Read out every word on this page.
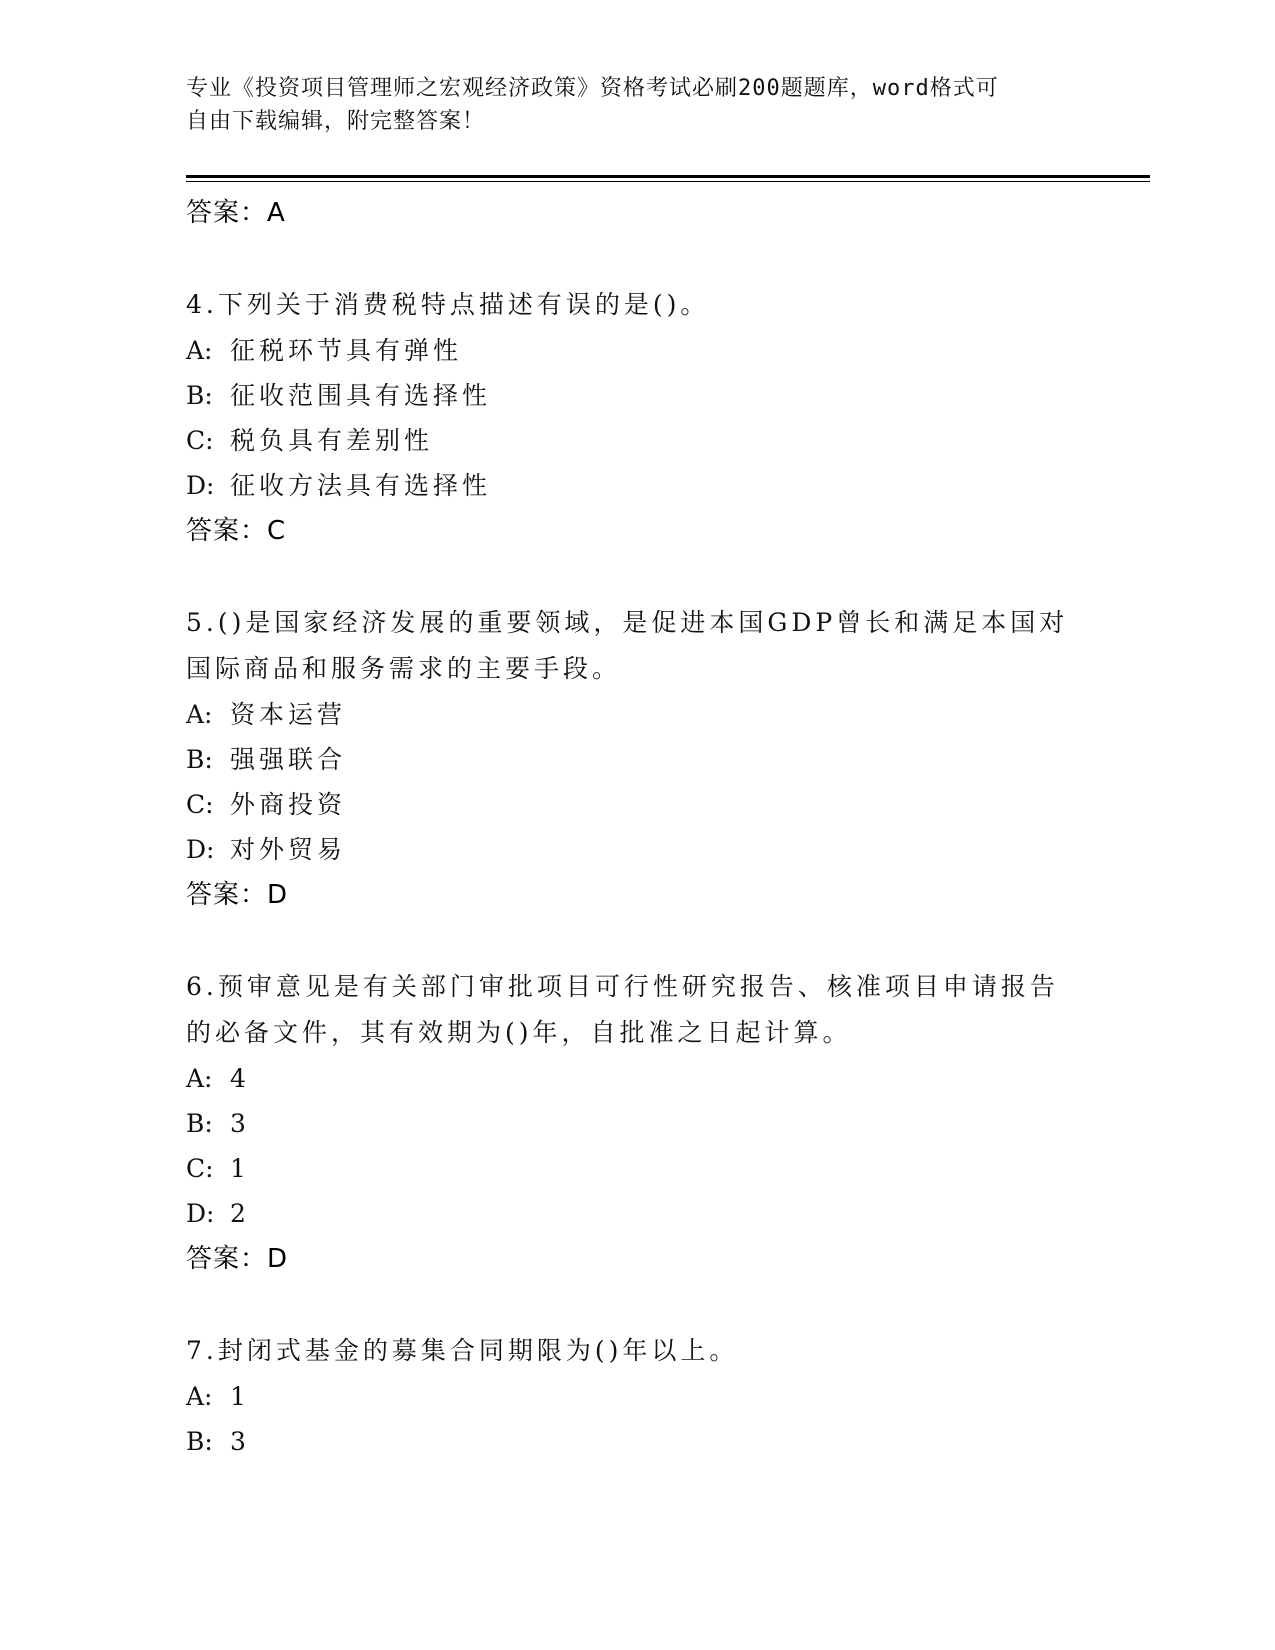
专业《投资项目管理师之宏观经济政策》资格考试必刷200题题库，word格式可
自由下载编辑，附完整答案！
答案：A
4.下列关于消费税特点描述有误的是()。
A: 征税环节具有弹性
B: 征收范围具有选择性
C: 税负具有差别性
D: 征收方法具有选择性
答案：C
5.()是国家经济发展的重要领域，是促进本国GDP曾长和满足本国对国际商品和服务需求的主要手段。
A: 资本运营
B: 强强联合
C: 外商投资
D: 对外贸易
答案：D
6.预审意见是有关部门审批项目可行性研究报告、核准项目申请报告的必备文件，其有效期为()年，自批准之日起计算。
A: 4
B: 3
C: 1
D: 2
答案：D
7.封闭式基金的募集合同期限为()年以上。
A: 1
B: 3
